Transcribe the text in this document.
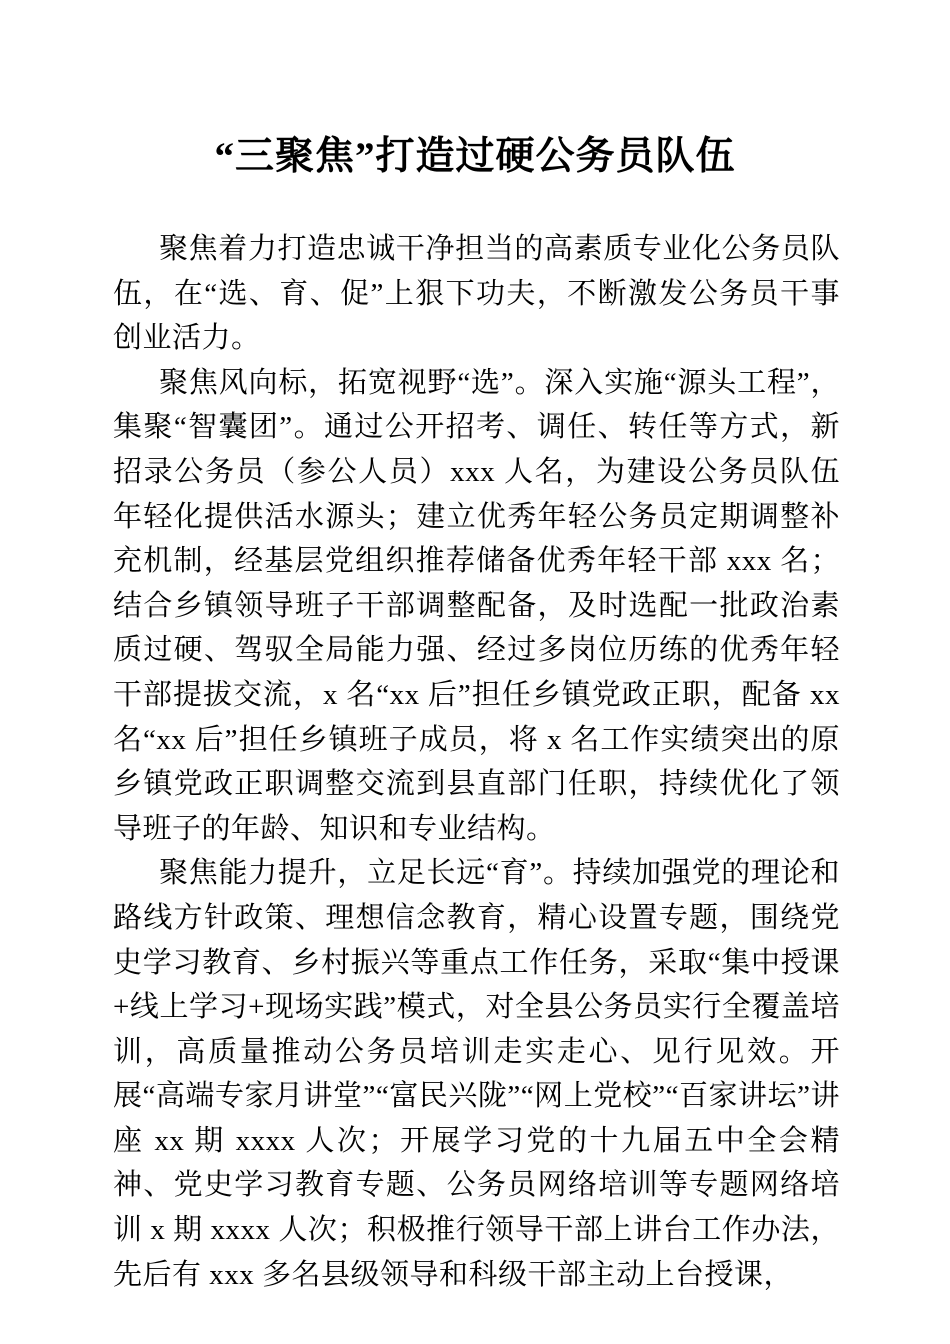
“三聚焦”打造过硬公务员队伍

聚焦着力打造忠诚干净担当的高素质专业化公务员队伍，在“选、育、促”上狠下功夫，不断激发公务员干事创业活力。

聚焦风向标，拓宽视野“选”。深入实施“源头工程”，集聚“智囊团”。通过公开招考、调任、转任等方式，新招录公务员（参公人员）xxx 人名，为建设公务员队伍年轻化提供活水源头；建立优秀年轻公务员定期调整补充机制，经基层党组织推荐储备优秀年轻干部 xxx 名；结合乡镇领导班子干部调整配备，及时选配一批政治素质过硬、驾驭全局能力强、经过多岗位历练的优秀年轻干部提拔交流，x 名“xx 后”担任乡镇党政正职，配备 xx 名“xx 后”担任乡镇班子成员，将 x 名工作实绩突出的原乡镇党政正职调整交流到县直部门任职，持续优化了领导班子的年龄、知识和专业结构。

聚焦能力提升，立足长远“育”。持续加强党的理论和路线方针政策、理想信念教育，精心设置专题，围绕党史学习教育、乡村振兴等重点工作任务，采取“集中授课+线上学习+现场实践”模式，对全县公务员实行全覆盖培训，高质量推动公务员培训走实走心、见行见效。开展“高端专家月讲堂”“富民兴陇”“网上党校”“百家讲坛”讲座 xx 期 xxxx 人次；开展学习党的十九届五中全会精神、党史学习教育专题、公务员网络培训等专题网络培训 x 期 xxxx 人次；积极推行领导干部上讲台工作办法，先后有 xxx 多名县级领导和科级干部主动上台授课，
